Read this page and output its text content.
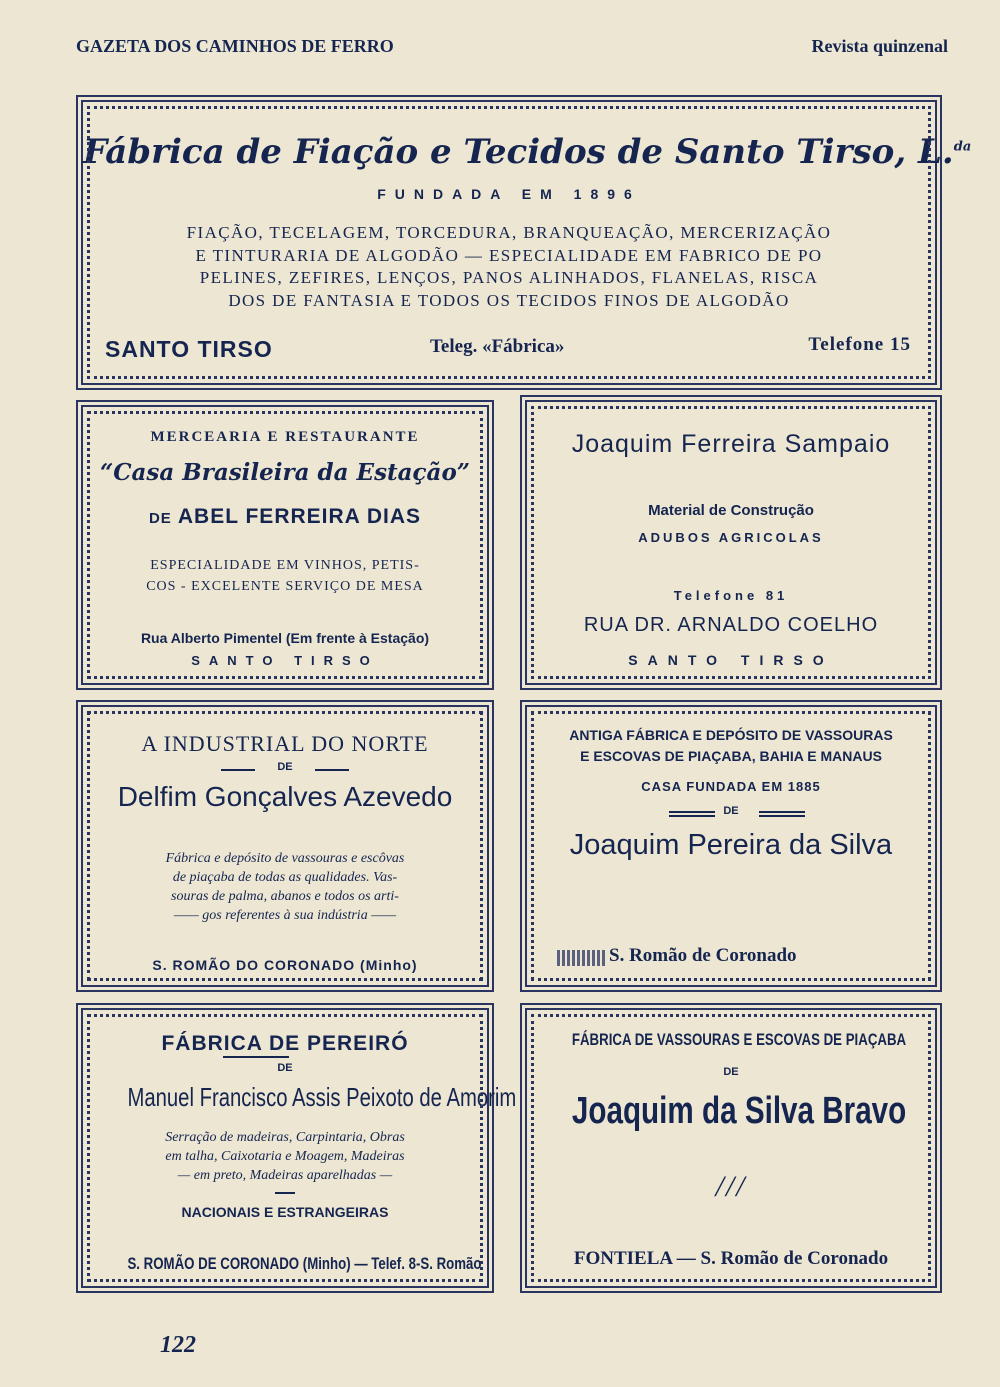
GAZETA DOS CAMINHOS DE FERRO	Revista quinzenal
Fábrica de Fiação e Tecidos de Santo Tirso, L.$^{da}$
FUNDADA EM 1896
FIAÇÃO, TECELAGEM, TORCEDURA, BRANQUEAÇÃO, MERCERIZAÇÃO
E TINTURARIA DE ALGODÃO — ESPECIALIDADE EM FABRICO DE PO
PELINES, ZEFIRES, LENÇOS, PANOS ALINHADOS, FLANELAS, RISCA
DOS DE FANTASIA E TODOS OS TECIDOS FINOS DE ALGODÃO
SANTO TIRSO	Teleg. «Fábrica»	Telefone 15
MERCEARIA E RESTAURANTE
“Casa Brasileira da Estação”
DE ABEL FERREIRA DIAS
ESPECIALIDADE EM VINHOS, PETIS-
COS - EXCELENTE SERVIÇO DE MESA
Rua Alberto Pimentel (Em frente à Estação)
SANTO TIRSO
Joaquim Ferreira Sampaio
Material de Construção
ADUBOS AGRICOLAS
Telefone 81
RUA DR. ARNALDO COELHO
SANTO TIRSO
A INDUSTRIAL DO NORTE
DE
Delfim Gonçalves Azevedo
Fábrica e depósito de vassouras e escôvas
de piaçaba de todas as qualidades. Vas-
souras de palma, abanos e todos os arti-
—— gos referentes à sua indústria ——
S. ROMÃO DO CORONADO (Minho)
ANTIGA FÁBRICA E DEPÓSITO DE VASSOURAS
E ESCOVAS DE PIAÇABA, BAHIA E MANAUS
CASA FUNDADA EM 1885
DE
Joaquim Pereira da Silva
S. Romão de Coronado
FÁBRICA DE PEREIRÓ
DE
Manuel Francisco Assis Peixoto de Amorim
Serração de madeiras, Carpintaria, Obras
em talha, Caixotaria e Moagem, Madeiras
— em preto, Madeiras aparelhadas —
NACIONAIS E ESTRANGEIRAS
S. ROMÃO DE CORONADO (Minho) — Telef. 8-S. Romão
FÁBRICA DE VASSOURAS E ESCOVAS DE PIAÇABA
DE
Joaquim da Silva Bravo
///
FONTIELA — S. Romão de Coronado
122
